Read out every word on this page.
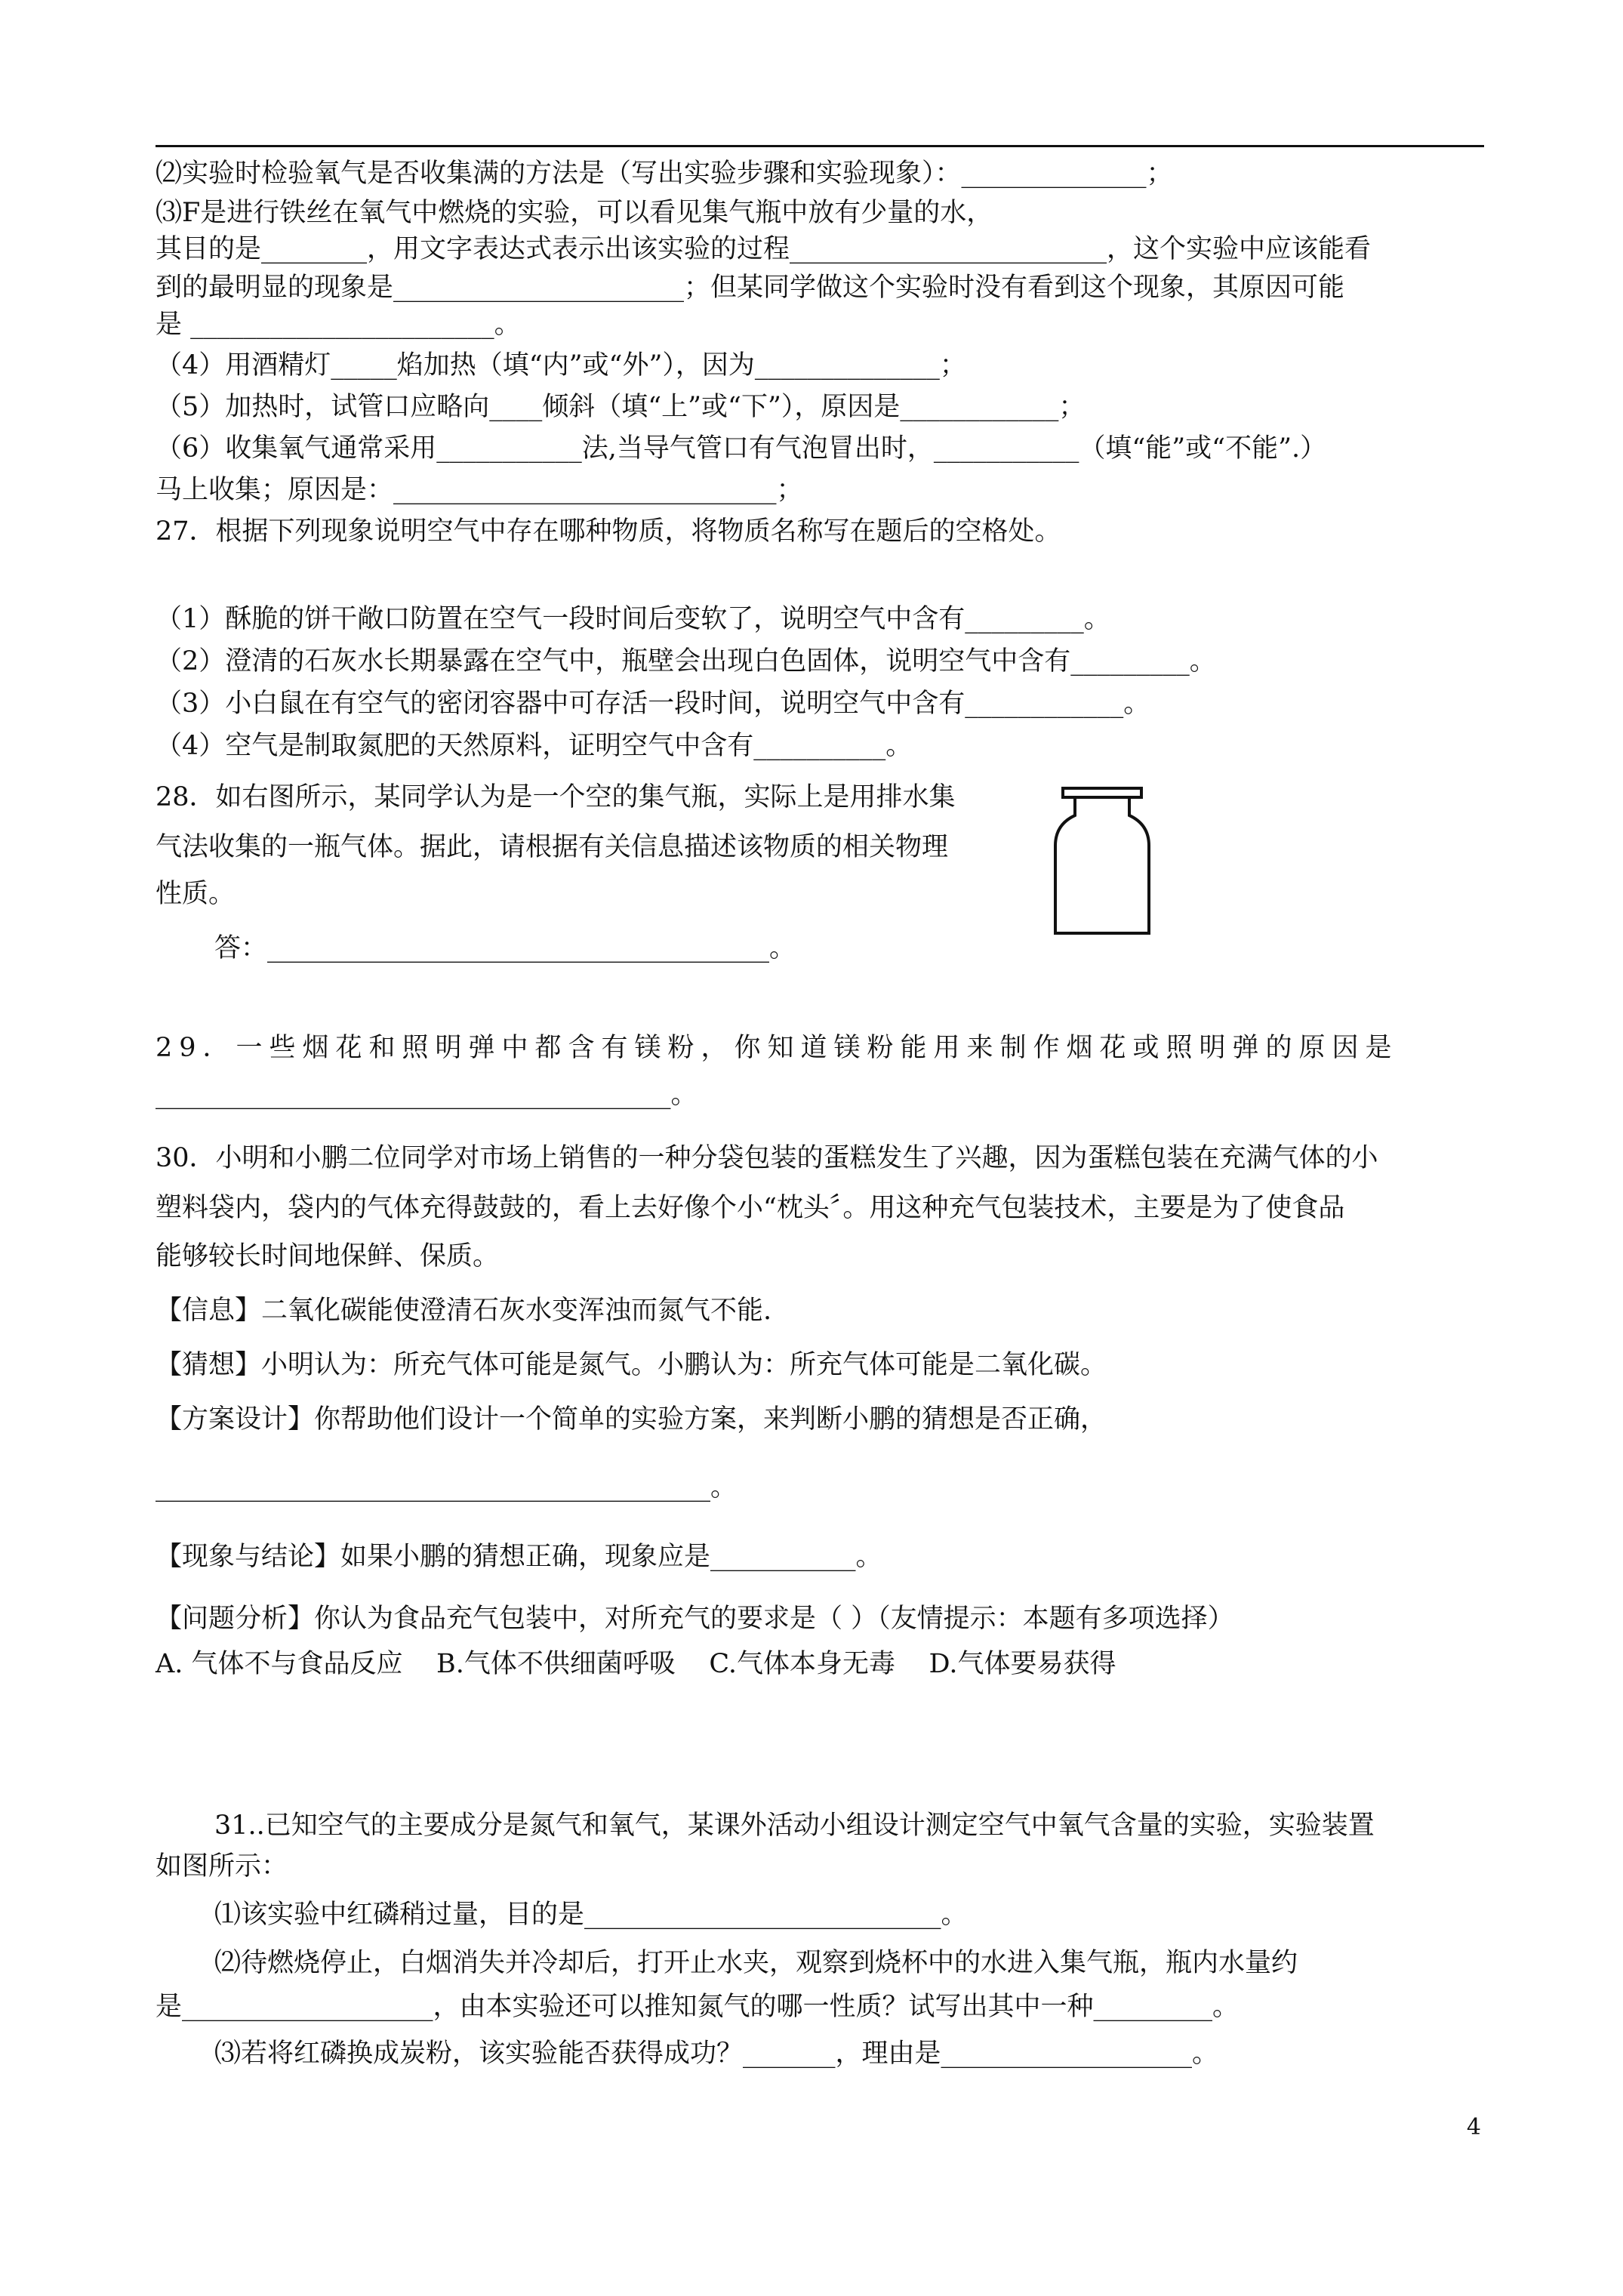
⑵实验时检验氧气是否收集满的方法是（写出实验步骤和实验现象）：______________；
⑶F是进行铁丝在氧气中燃烧的实验，可以看见集气瓶中放有少量的水，
其目的是________，用文字表达式表示出该实验的过程________________________，这个实验中应该能看
到的最明显的现象是______________________；但某同学做这个实验时没有看到这个现象，其原因可能
是 _______________________。
（4）用酒精灯_____焰加热（填“内”或“外”），因为______________；
（5）加热时，试管口应略向____倾斜（填“上”或“下”），原因是____________；
（6）收集氧气通常采用___________法,当导气管口有气泡冒出时，___________（填“能”或“不能”.）
马上收集；原因是：_____________________________；
27．根据下列现象说明空气中存在哪种物质，将物质名称写在题后的空格处。
（1）酥脆的饼干敞口防置在空气一段时间后变软了，说明空气中含有_________。
（2）澄清的石灰水长期暴露在空气中，瓶壁会出现白色固体，说明空气中含有_________。
（3）小白鼠在有空气的密闭容器中可存活一段时间，说明空气中含有____________。
（4）空气是制取氮肥的天然原料，证明空气中含有__________。
28．如右图所示，某同学认为是一个空的集气瓶，实际上是用排水集
气法收集的一瓶气体。据此，请根据有关信息描述该物质的相关物理
性质。
答：______________________________________。
29．一些烟花和照明弹中都含有镁粉，你知道镁粉能用来制作烟花或照明弹的原因是
_______________________________________。
30．小明和小鹏二位同学对市场上销售的一种分袋包装的蛋糕发生了兴趣，因为蛋糕包装在充满气体的小
塑料袋内，袋内的气体充得鼓鼓的，看上去好像个小“枕头〞。用这种充气包装技术，主要是为了使食品
能够较长时间地保鲜、保质。
【信息】二氧化碳能使澄清石灰水变浑浊而氮气不能.
【猜想】小明认为：所充气体可能是氮气。小鹏认为：所充气体可能是二氧化碳。
【方案设计】你帮助他们设计一个简单的实验方案，来判断小鹏的猜想是否正确，
__________________________________________。
【现象与结论】如果小鹏的猜想正确，现象应是___________。
【问题分析】你认为食品充气包装中，对所充气的要求是（ ）（友情提示：本题有多项选择）
A. 气体不与食品反应    B.气体不供细菌呼吸    C.气体本身无毒    D.气体要易获得
31..已知空气的主要成分是氮气和氧气，某课外活动小组设计测定空气中氧气含量的实验，实验装置
如图所示：
⑴该实验中红磷稍过量，目的是___________________________。
⑵待燃烧停止，白烟消失并冷却后，打开止水夹，观察到烧杯中的水进入集气瓶，瓶内水量约
是___________________，由本实验还可以推知氮气的哪一性质？试写出其中一种_________。
⑶若将红磷换成炭粉，该实验能否获得成功？_______，理由是___________________。
4
